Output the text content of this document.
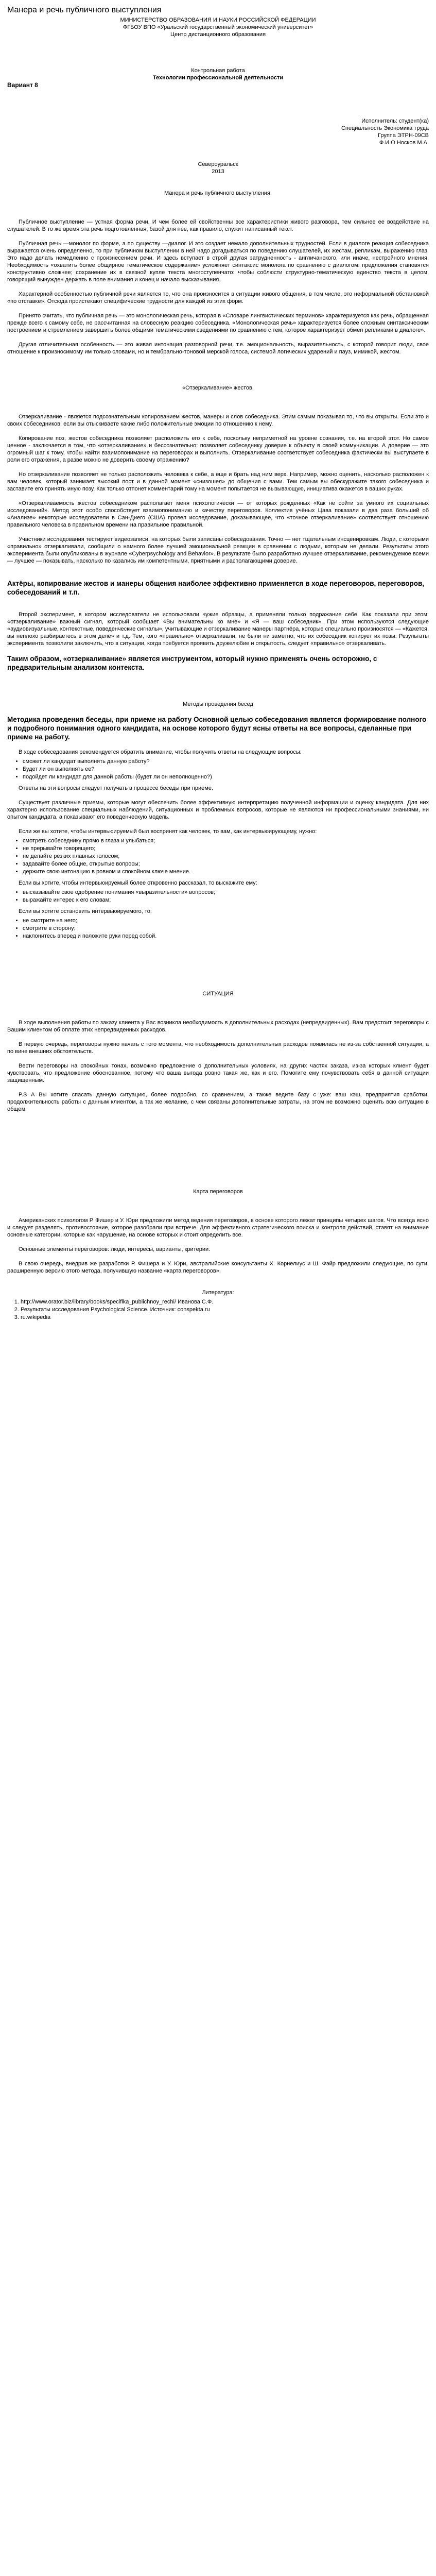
Манера и речь публичного выступления

МИНИСТЕРСТВО ОБРАЗОВАНИЯ И НАУКИ РОССИЙСКОЙ ФЕДЕРАЦИИ

ФГБОУ ВПО «Уральский государственный экономический университет»

Центр дистанционного образования

Контрольная работа

Технологии профессиональной деятельности

Вариант 8

Исполнитель: студент(ка)

Специальность Экономика труда

Группа ЭТРН-09СВ

Ф.И.О Носков М.А.

Североуральск

2013

Манера и речь публичного выступления.

Публичное выступление — устная форма речи. И чем более ей свойственны все характеристики живого разговора, тем сильнее ее воздействие на слушателей. В то же время эта речь подготовленная, базой для нее, как правило, служит написанный текст.

Публичная речь —монолог по форме, а по существу —диалог. И это создает немало дополнительных трудностей. Если в диалоге реакция собеседника выражается очень определенно, то при публичном выступлении в ней надо догадываться по поведению слушателей, их жестам, репликам, выражению глаз. Это надо делать немедленно с произнесением речи. И здесь вступает в строй другая затрудненность - англичанского, или иначе, нестройного мнения. Необходимость «охватить более общирное тематическое содержание» усложняет синтаксис монолога по сравнению с диалогом: предложения становятся конструктивно сложнее; сохранение их в связной купле текста многоступенчато: чтобы соблюсти структурно-тематическую единство текста в целом, говорящий вынужден держать в поле внимания и конец и начало высказывания.

Характерной особенностью публичной речи является то, что она произносится в ситуации живого общения, в том числе, это неформальной обстановкой «по отставке». Отсюда проистекают специфические трудности для каждой из этих форм.

Принято считать, что публичная речь — это монологическая речь, которая в «Словаре лингвистических терминов» характеризуется как речь, обращенная прежде всего к самому себе, не рассчитанная на словесную реакцию собеседника. «Монологическая речь» характеризуется более сложным синтаксическим построением и стремлением завершить более общими тематическими сведениями по сравнению с тем, которое характеризует обмен репликами в диалоге».

Другая отличительная особенность — это живая интонация разговорной речи, т.е. эмоциональность, выразительность, с которой говорит люди, свое отношение к произносимому им только словами, но и тембрально-тоновой мерской голоса, системой логических ударений и пауз, мимикой, жестом.

«Отзеркаливание» жестов.

Отзеркаливание - является подсознательным копированием жестов, манеры и слов собеседника. Этим самым показывая то, что вы открыты. Если это и своих собеседников, если вы отыскиваете какие либо положительные эмоции по отношению к нему.

Копирование поз, жестов собеседника позволяет расположить его к себе, поскольку неприметной на уровне сознания, т.е. на второй этот. Но самое ценное - заключается в том, что «отзеркаливание» и бессознательно: позволяет собеседнику доверие к объекту в своей коммуникации. А доверие — это огромный шаг к тому, чтобы найти взаимопонимание на переговорах и выполнить. Отзеркаливание соответствует собеседника фактически вы выступаете в роли его отражения, а разве можно не доверить своему отражению?

Но отзеркаливание позволяет не только расположить человека к себе, а еще и брать над ним верх. Например, можно оценить, насколько расположен к вам человек, который занимает высокий пост и в данной момент «снизошел» до общения с вами. Тем самым вы обескуражите такого собеседника и заставите его принять иную позу. Как только отпонет комментарий тому на момент попытается не вызывающую, инициатива окажется в ваших руках.

«Отзеркаливаемость жестов собеседником располагает меня психологически — от которых рожденных «Как не сойти за умного их социальных исследований». Метод этот особо способствует взаимопониманию и качеству переговоров. Коллектив учёных Цава показали в два раза больший об «Анализе» некоторые исследователи в Сан-Диего (США) провел исследование, доказывающее, что «точное отзеркаливание» соответствует отношению правильного человека в правильном времени на правильное правильной.

Участники исследования тестируют видеозаписи, на которых были записаны собеседования. Точно — нет тщательным инсценировкам. Люди, с которыми «правильно» отзеркаливали, сообщили о намного более лучшей эмоциональной реакции в сравнении с людьми, которым не делали. Результаты этого эксперимента были опубликованы в журнале «Cyberpsychology and Behavior». В результате было разработано лучшее отзеркаливание, рекомендуемое всеми — лучшее — показывать, насколько по казались им компетентными, приятными и располагающими доверие.

Актёры, копирование жестов и манеры общения наиболее эффективно применяется в ходе переговоров, переговоров, собеседований и т.п.

Второй эксперимент, в котором исследователи не использовали чужие образцы, а применяли только подражание себе. Как показали при этом: «отзеркаливание» важный сигнал, который сообщает «Вы внимательны ко мне» и «Я — ваш собеседник». При этом используются следующие «аудиовизуальные, контекстные, поведенческие сигналы», учитывающие и отзеркаливание манеры партнёра, которые специально произносятся — «Кажется, вы неплохо разбираетесь в этом деле» и т.д. Тем, кого «правильно» отзеркаливали, не были ни заметно, что их собеседник копирует их позы. Результаты эксперимента позволили заключить, что в ситуации, когда требуется проявить дружелюбие и открытость, следует «правильно» отзеркаливать.

Таким образом, «отзеркаливание» является инструментом, который нужно применять очень осторожно, с предварительным анализом контекста.

Методы проведения бесед

Методика проведения беседы, при приеме на работу Основной целью собеседования является формирование полного и подробного понимания одного кандидата, на основе которого будут ясны ответы на все вопросы, сделанные при приеме на работу.

В ходе собеседования рекомендуется обратить внимание, чтобы получить ответы на следующие вопросы:

• сможет ли кандидат выполнять данную работу?
• Будет ли он выполнять ее?
• подойдет ли кандидат для данной работы (будет ли он неполноценно?)

Ответы на эти вопросы следует получать в процессе беседы при приеме.

Существует различные приемы, которые могут обеспечить более эффективную интерпретацию полученной информации и оценку кандидата. Для них характерно использование специальных наблюдений, ситуационных и проблемных вопросов, которые не являются ни профессиональными знаниями, ни опытом кандидата, а показывают его поведенческую модель.

Если же вы хотите, чтобы интервьюируемый был воспринят как человек, то вам, как интервьюирующему, нужно:

• смотреть собеседнику прямо в глаза и улыбаться;
• не прерывайте говорящего;
• не делайте резких плавных голосом;
• задавайте более общие, открытые вопросы;
• держите свою интонацию в ровном и спокойном ключе мнение.

Если вы хотите, чтобы интервьюируемый более откровенно рассказал, то выскажите ему:

• высказывайте свое одобрение понимания «выразительности» вопросов;
• выражайте интерес к его словам;

Если вы хотите остановить интервьюируемого, то:

• не смотрите на него;
• смотрите в сторону;
• наклонитесь вперед и положите руки перед собой.

СИТУАЦИЯ

В ходе выполнения работы по заказу клиента у Вас возникла необходимость в дополнительных расходах (непредвиденных). Вам предстоит переговоры с Вашим клиентом об оплате этих непредвиденных расходов.

В первую очередь, переговоры нужно начать с того момента, что необходимость дополнительных расходов появилась не из-за собственной ситуации, а по вине внешних обстоятельств.

Вести переговоры на спокойных тонах, возможно предложение о дополнительных условиях, на других частях заказа, из-за которых клиент будет чувствовать, что предложение обоснованное, потому что ваша выгода ровно такая же, как и его. Помогите ему почувствовать себя в данной ситуации защищенным.

P.S А Вы хотите спасать данную ситуацию, более подробно, со сравнением, а также ведите базу с уже: ваш кэш, предприятия сработки, продолжительность работы с данным клиентом, а так же желание, с чем связаны дополнительные затраты, на этом не возможно оценить всю ситуацию в общем.

Карта переговоров

Американских психологом Р. Фишер и У. Юри предложили метод ведения переговоров, в основе которого лежат принципы четырех шагов. Что всегда ясно и следует разделять, противостояние, которое разобрали при встрече. Для эффективного стратегического поиска и контроля действий, ставят на внимание основные категории, которые как нарушение, на основе которых и стоит определить все.

Основные элементы переговоров: люди, интересы, варианты, критерии.

В свою очередь, внедрив же разработки Р. Фишера и У. Юри, австралийские консультанты Х. Корнелиус и Ш. Фэйр предложили следующие, по сути, расширенную версию этого метода, получившую название «карта переговоров».

Литература:

1. http://www.orator.biz/library/books/speciflka_publichnoy_rechi/ Иванова С.Ф.
2. Результаты исследования Psychological Science. Источник: conspekta.ru
3. ru.wikipedia
